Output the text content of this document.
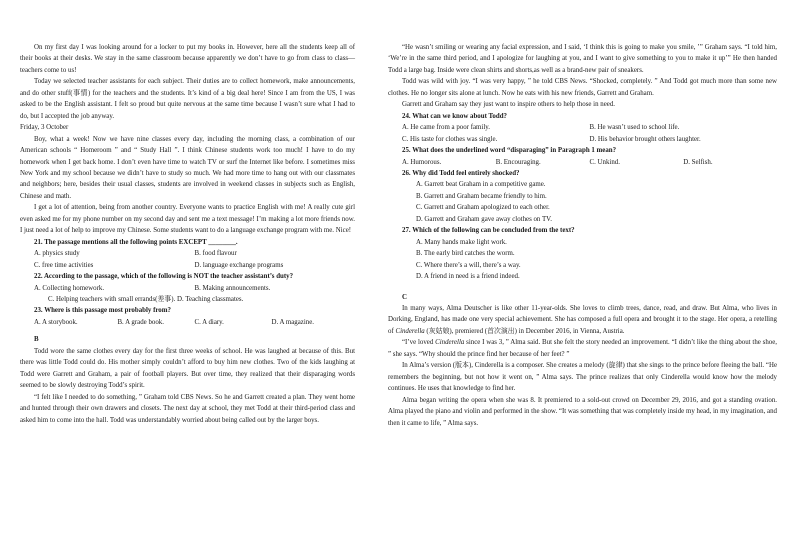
On my first day I was looking around for a locker to put my books in. However, here all the students keep all of their books at their desks. We stay in the same classroom because apparently we don’t have to go from class to class—teachers come to us!

Today we selected teacher assistants for each subject. Their duties are to collect homework, make announcements, and do other stuff(事情) for the teachers and the students. It’s kind of a big deal here! Since I am from the US, I was asked to be the English assistant. I felt so proud but quite nervous at the same time because I wasn’t sure what I had to do, but I accepted the job anyway.

Friday, 3 October

Boy, what a week! Now we have nine classes every day, including the morning class, a combination of our American schools “ Homeroom ” and “ Study Hall ”. I think Chinese students work too much! I have to do my homework when I get back home. I don’t even have time to watch TV or surf the Internet like before. I sometimes miss New York and my school because we didn’t have to study so much. We had more time to hang out with our classmates and neighbors; here, besides their usual classes, students are involved in weekend classes in subjects such as English, Chinese and math.

I get a lot of attention, being from another country. Everyone wants to practice English with me! A really cute girl even asked me for my phone number on my second day and sent me a text message! I’m making a lot more friends now. I just need a lot of help to improve my Chinese. Some students want to do a language exchange program with me. Nice!

21. The passage mentions all the following points EXCEPT ________.

A. physics study	B. food flavour
C. free time activities	D. language exchange programs

22. According to the passage, which of the following is NOT the teacher assistant’s duty?

A. Collecting homework.	B. Making announcements.

C. Helping teachers with small errands(差事). D. Teaching classmates.

23. Where is this passage most probably from?

A. A storybook.	B. A grade book.	C. A diary.	D. A magazine.

B

Todd wore the same clothes every day for the first three weeks of school. He was laughed at because of this. But there was little Todd could do. His mother simply couldn’t afford to buy him new clothes. Two of the kids laughing at Todd were Garrett and Graham, a pair of football players. But over time, they realized that their disparaging words seemed to be slowly destroying Todd’s spirit.

“I felt like I needed to do something, ” Graham told CBS News. So he and Garrett created a plan. They went home and hunted through their own drawers and closets. The next day at school, they met Todd at their third-period class and asked him to come into the hall. Todd was understandably worried about being called out by the larger boys.

“He wasn’t smiling or wearing any facial expression, and I said, ‘I think this is going to make you smile, ’” Graham says. “I told him, ‘We’re in the same third period, and I apologize for laughing at you, and I want to give something to you to make it up’” He then handed Todd a large bag. Inside were clean shirts and shorts,as well as a brand-new pair of sneakers.

Todd was wild with joy. “I was very happy, ” he told CBS News. “Shocked, completely. ” And Todd got much more than some new clothes. He no longer sits alone at lunch. Now he eats with his new friends, Garrett and Graham.

Garrett and Graham say they just want to inspire others to help those in need.

24. What can we know about Todd?

A. He came from a poor family.	B. He wasn’t used to school life.
C. His taste for clothes was single.	D. His behavior brought others laughter.

25. What does the underlined word “disparaging” in Paragraph 1 mean?

A. Humorous.	B. Encouraging.	C. Unkind.	D. Selfish.

26. Why did Todd feel entirely shocked?

A. Garrett beat Graham in a competitive game.

B. Garrett and Graham became friendly to him.

C. Garrett and Graham apologized to each other.

D. Garrett and Graham gave away clothes on TV.

27. Which of the following can be concluded from the text?

A. Many hands make light work.

B. The early bird catches the worm.

C. Where there’s a will, there’s a way.

D. A friend in need is a friend indeed.

C

In many ways, Alma Deutscher is like other 11-year-olds. She loves to climb trees, dance, read, and draw. But Alma, who lives in Dorking, England, has made one very special achievement. She has composed a full opera and brought it to the stage. Her opera, a retelling of Cinderella (灰姑娘), premiered (首次演出) in December 2016, in Vienna, Austria.

“I’ve loved Cinderella since I was 3, ” Alma said. But she felt the story needed an improvement. “I didn’t like the thing about the shoe, ” she says. “Why should the prince find her because of her feet? ”

In Alma’s version (版本), Cinderella is a composer. She creates a melody (旋律) that she sings to the prince before fleeing the ball. “He remembers the beginning, but not how it went on, ” Alma says. The prince realizes that only Cinderella would know how the melody continues. He uses that knowledge to find her.

Alma began writing the opera when she was 8. It premiered to a sold-out crowd on December 29, 2016, and got a standing ovation. Alma played the piano and violin and performed in the show. “It was something that was completely inside my head, in my imagination, and then it came to life, ” Alma says.
